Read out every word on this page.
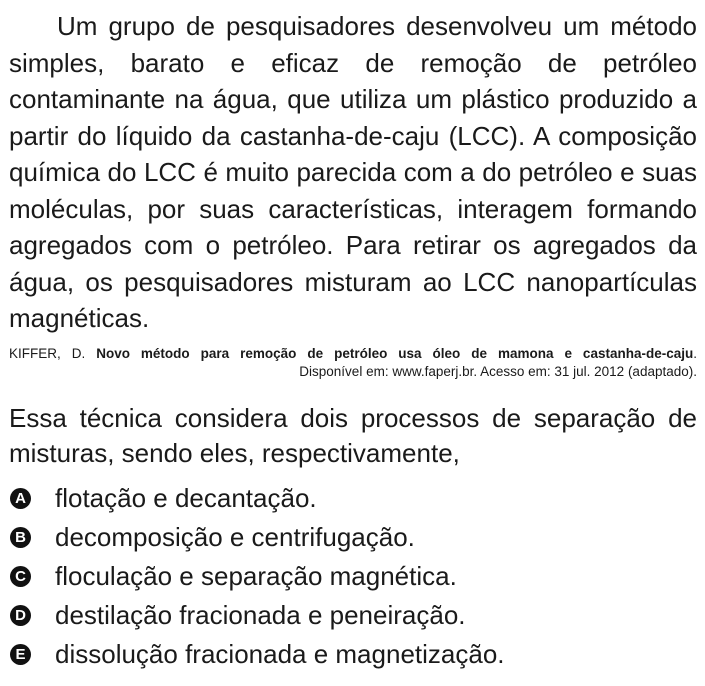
Um grupo de pesquisadores desenvolveu um método simples, barato e eficaz de remoção de petróleo contaminante na água, que utiliza um plástico produzido a partir do líquido da castanha-de-caju (LCC). A composição química do LCC é muito parecida com a do petróleo e suas moléculas, por suas características, interagem formando agregados com o petróleo. Para retirar os agregados da água, os pesquisadores misturam ao LCC nanopartículas magnéticas.

KIFFER, D. Novo método para remoção de petróleo usa óleo de mamona e castanha-de-caju.
Disponível em: www.faperj.br. Acesso em: 31 jul. 2012 (adaptado).
Essa técnica considera dois processos de separação de misturas, sendo eles, respectivamente,
A flotação e decantação.
B decomposição e centrifugação.
C floculação e separação magnética.
D destilação fracionada e peneiração.
E dissolução fracionada e magnetização.
